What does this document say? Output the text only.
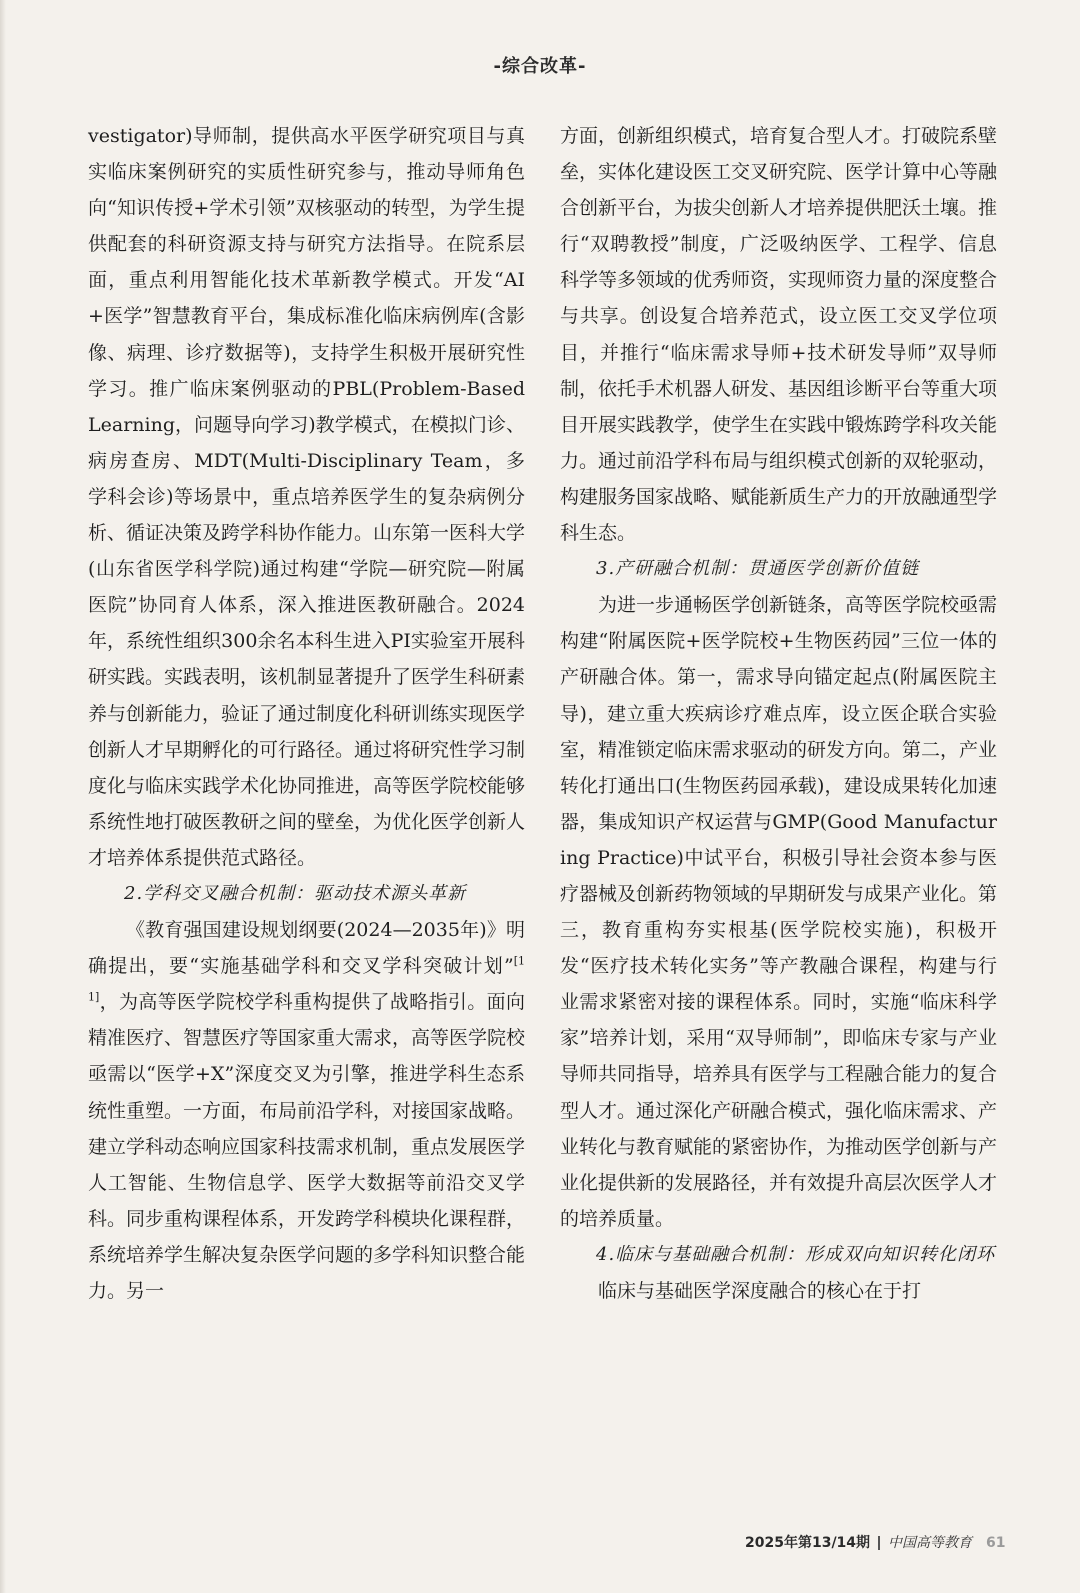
-综合改革-

vestigator)导师制，提供高水平医学研究项目与真实临床案例研究的实质性研究参与，推动导师角色向“知识传授+学术引领”双核驱动的转型，为学生提供配套的科研资源支持与研究方法指导。在院系层面，重点利用智能化技术革新教学模式。开发“AI+医学”智慧教育平台，集成标准化临床病例库(含影像、病理、诊疗数据等)，支持学生积极开展研究性学习。推广临床案例驱动的PBL(Problem-Based Learning，问题导向学习)教学模式，在模拟门诊、病房查房、MDT(Multi-Disciplinary Team，多学科会诊)等场景中，重点培养医学生的复杂病例分析、循证决策及跨学科协作能力。山东第一医科大学(山东省医学科学院)通过构建“学院—研究院—附属医院”协同育人体系，深入推进医教研融合。2024年，系统性组织300余名本科生进入PI实验室开展科研实践。实践表明，该机制显著提升了医学生科研素养与创新能力，验证了通过制度化科研训练实现医学创新人才早期孵化的可行路径。通过将研究性学习制度化与临床实践学术化协同推进，高等医学院校能够系统性地打破医教研之间的壁垒，为优化医学创新人才培养体系提供范式路径。

2.学科交叉融合机制：驱动技术源头革新

《教育强国建设规划纲要(2024—2035年)》明确提出，要“实施基础学科和交叉学科突破计划”[11]，为高等医学院校学科重构提供了战略指引。面向精准医疗、智慧医疗等国家重大需求，高等医学院校亟需以“医学+X”深度交叉为引擎，推进学科生态系统性重塑。一方面，布局前沿学科，对接国家战略。建立学科动态响应国家科技需求机制，重点发展医学人工智能、生物信息学、医学大数据等前沿交叉学科。同步重构课程体系，开发跨学科模块化课程群，系统培养学生解决复杂医学问题的多学科知识整合能力。另一

方面，创新组织模式，培育复合型人才。打破院系壁垒，实体化建设医工交叉研究院、医学计算中心等融合创新平台，为拔尖创新人才培养提供肥沃土壤。推行“双聘教授”制度，广泛吸纳医学、工程学、信息科学等多领域的优秀师资，实现师资力量的深度整合与共享。创设复合培养范式，设立医工交叉学位项目，并推行“临床需求导师+技术研发导师”双导师制，依托手术机器人研发、基因组诊断平台等重大项目开展实践教学，使学生在实践中锻炼跨学科攻关能力。通过前沿学科布局与组织模式创新的双轮驱动，构建服务国家战略、赋能新质生产力的开放融通型学科生态。

3.产研融合机制：贯通医学创新价值链

为进一步通畅医学创新链条，高等医学院校亟需构建“附属医院+医学院校+生物医药园”三位一体的产研融合体。第一，需求导向锚定起点(附属医院主导)，建立重大疾病诊疗难点库，设立医企联合实验室，精准锁定临床需求驱动的研发方向。第二，产业转化打通出口(生物医药园承载)，建设成果转化加速器，集成知识产权运营与GMP(Good Manufacturing Practice)中试平台，积极引导社会资本参与医疗器械及创新药物领域的早期研发与成果产业化。第三，教育重构夯实根基(医学院校实施)，积极开发“医疗技术转化实务”等产教融合课程，构建与行业需求紧密对接的课程体系。同时，实施“临床科学家”培养计划，采用“双导师制”，即临床专家与产业导师共同指导，培养具有医学与工程融合能力的复合型人才。通过深化产研融合模式，强化临床需求、产业转化与教育赋能的紧密协作，为推动医学创新与产业化提供新的发展路径，并有效提升高层次医学人才的培养质量。

4.临床与基础融合机制：形成双向知识转化闭环

临床与基础医学深度融合的核心在于打

2025年第13/14期 中国高等教育 61
